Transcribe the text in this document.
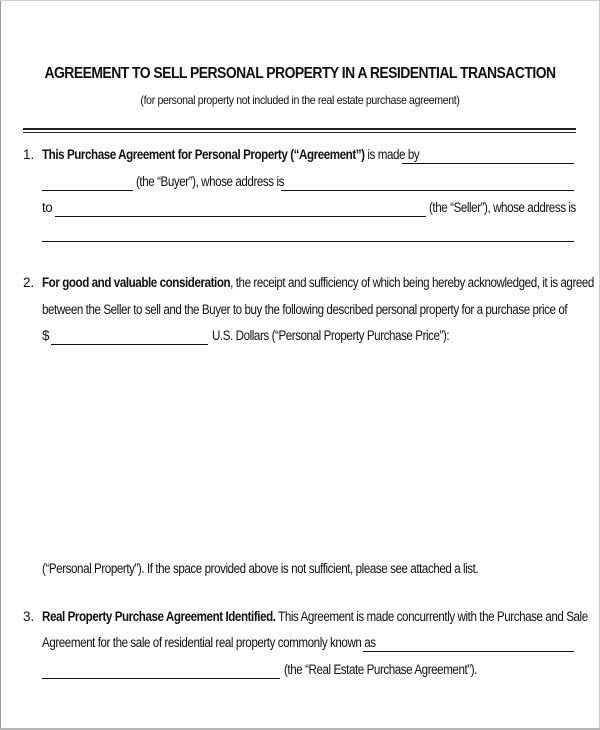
AGREEMENT TO SELL PERSONAL PROPERTY IN A RESIDENTIAL TRANSACTION
(for personal property not included in the real estate purchase agreement)
1. This Purchase Agreement for Personal Property (“Agreement”) is made by
(the “Buyer”), whose address is
to	(the “Seller”), whose address is
2. For good and valuable consideration, the receipt and sufficiency of which being hereby acknowledged, it is agreed
between the Seller to sell and the Buyer to buy the following described personal property for a purchase price of
$	U.S. Dollars (“Personal Property Purchase Price”):
(“Personal Property”). If the space provided above is not sufficient, please see attached a list.
3. Real Property Purchase Agreement Identified. This Agreement is made concurrently with the Purchase and Sale
Agreement for the sale of residential real property commonly known as
(the “Real Estate Purchase Agreement”).
